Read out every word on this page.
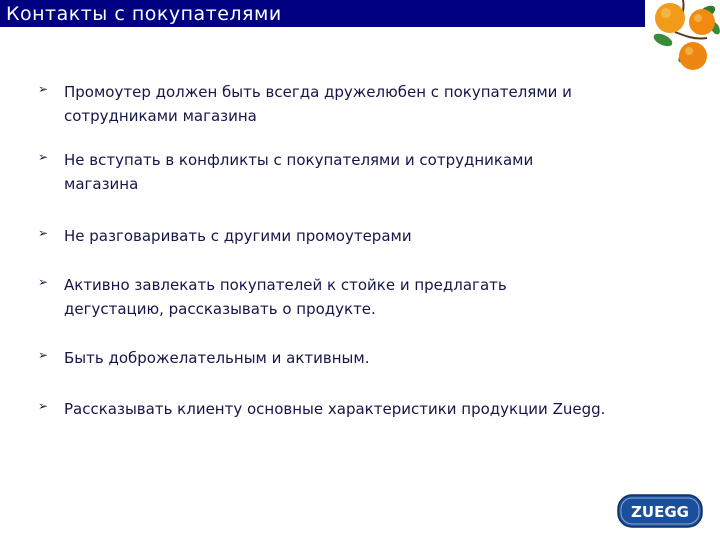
Контакты с покупателями
➢	Промоутер должен быть всегда дружелюбен с покупателями и сотрудниками магазина
➢	Не вступать в конфликты с покупателями и сотрудниками магазина
➢	Не разговаривать с другими промоутерами
➢	Активно завлекать покупателей к стойке и предлагать дегустацию, рассказывать о продукте.
➢	Быть доброжелательным и активным.
➢	Рассказывать клиенту основные характеристики продукции Zuegg.
ZUEGG
